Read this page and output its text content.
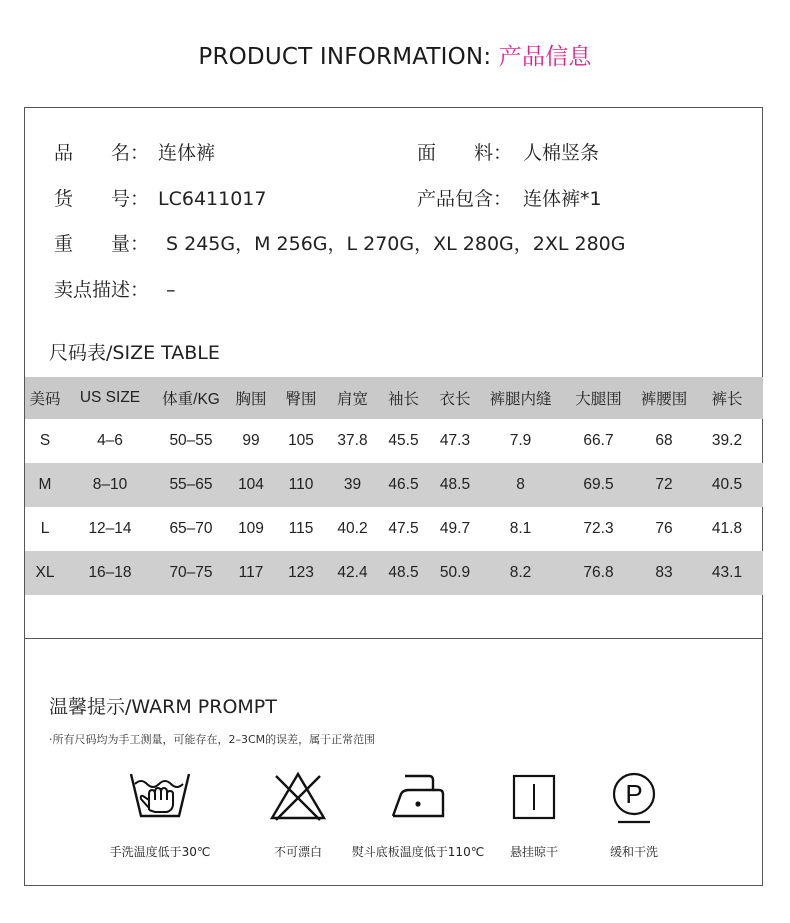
PRODUCT INFORMATION: 产品信息
品　　名： 连体裤	面　　料： 人棉竖条
货　　号： LC6411017	产品包含： 连体裤*1
重　　量： S 245G，M 256G，L 270G，XL 280G，2XL 280G
卖点描述： –
尺码表/SIZE TABLE
美码	US SIZE	体重/KG	胸围	臀围	肩宽	袖长	衣长	裤腿内缝	大腿围	裤腰围	裤长
S	4–6	50–55	99	105	37.8	45.5	47.3	7.9	66.7	68	39.2
M	8–10	55–65	104	110	39	46.5	48.5	8	69.5	72	40.5
L	12–14	65–70	109	115	40.2	47.5	49.7	8.1	72.3	76	41.8
XL	16–18	70–75	117	123	42.4	48.5	50.9	8.2	76.8	83	43.1
温馨提示/WARM PROMPT
·所有尺码均为手工测量，可能存在，2–3CM的误差，属于正常范围
P
手洗温度低于30℃	不可漂白	熨斗底板温度低于110℃	悬挂晾干	缓和干洗
